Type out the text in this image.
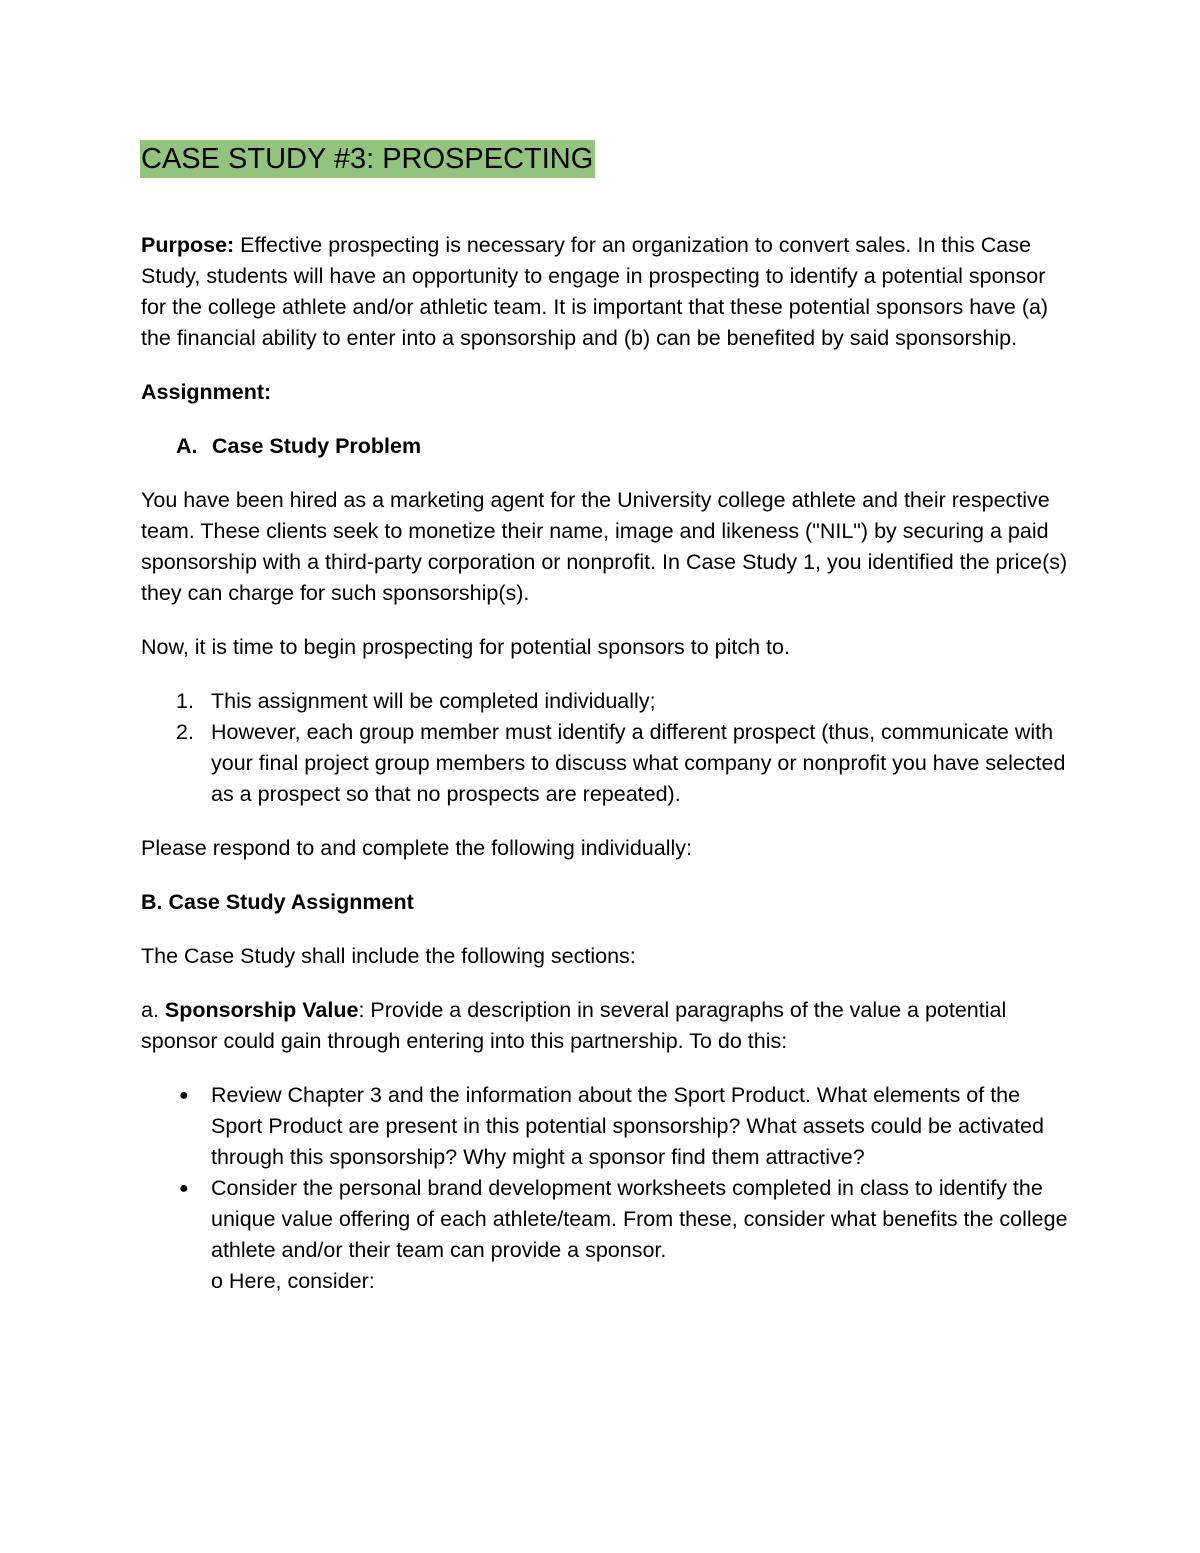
CASE STUDY #3: PROSPECTING

Purpose: Effective prospecting is necessary for an organization to convert sales. In this Case Study, students will have an opportunity to engage in prospecting to identify a potential sponsor for the college athlete and/or athletic team. It is important that these potential sponsors have (a) the financial ability to enter into a sponsorship and (b) can be benefited by said sponsorship.

Assignment:

A. Case Study Problem

You have been hired as a marketing agent for the University college athlete and their respective team. These clients seek to monetize their name, image and likeness ("NIL") by securing a paid sponsorship with a third-party corporation or nonprofit. In Case Study 1, you identified the price(s) they can charge for such sponsorship(s).

Now, it is time to begin prospecting for potential sponsors to pitch to.

1. This assignment will be completed individually;
2. However, each group member must identify a different prospect (thus, communicate with your final project group members to discuss what company or nonprofit you have selected as a prospect so that no prospects are repeated).

Please respond to and complete the following individually:

B. Case Study Assignment

The Case Study shall include the following sections:

a. Sponsorship Value: Provide a description in several paragraphs of the value a potential sponsor could gain through entering into this partnership. To do this:

●	Review Chapter 3 and the information about the Sport Product. What elements of the Sport Product are present in this potential sponsorship? What assets could be activated through this sponsorship? Why might a sponsor find them attractive?
●	Consider the personal brand development worksheets completed in class to identify the unique value offering of each athlete/team. From these, consider what benefits the college athlete and/or their team can provide a sponsor.
o Here, consider:
